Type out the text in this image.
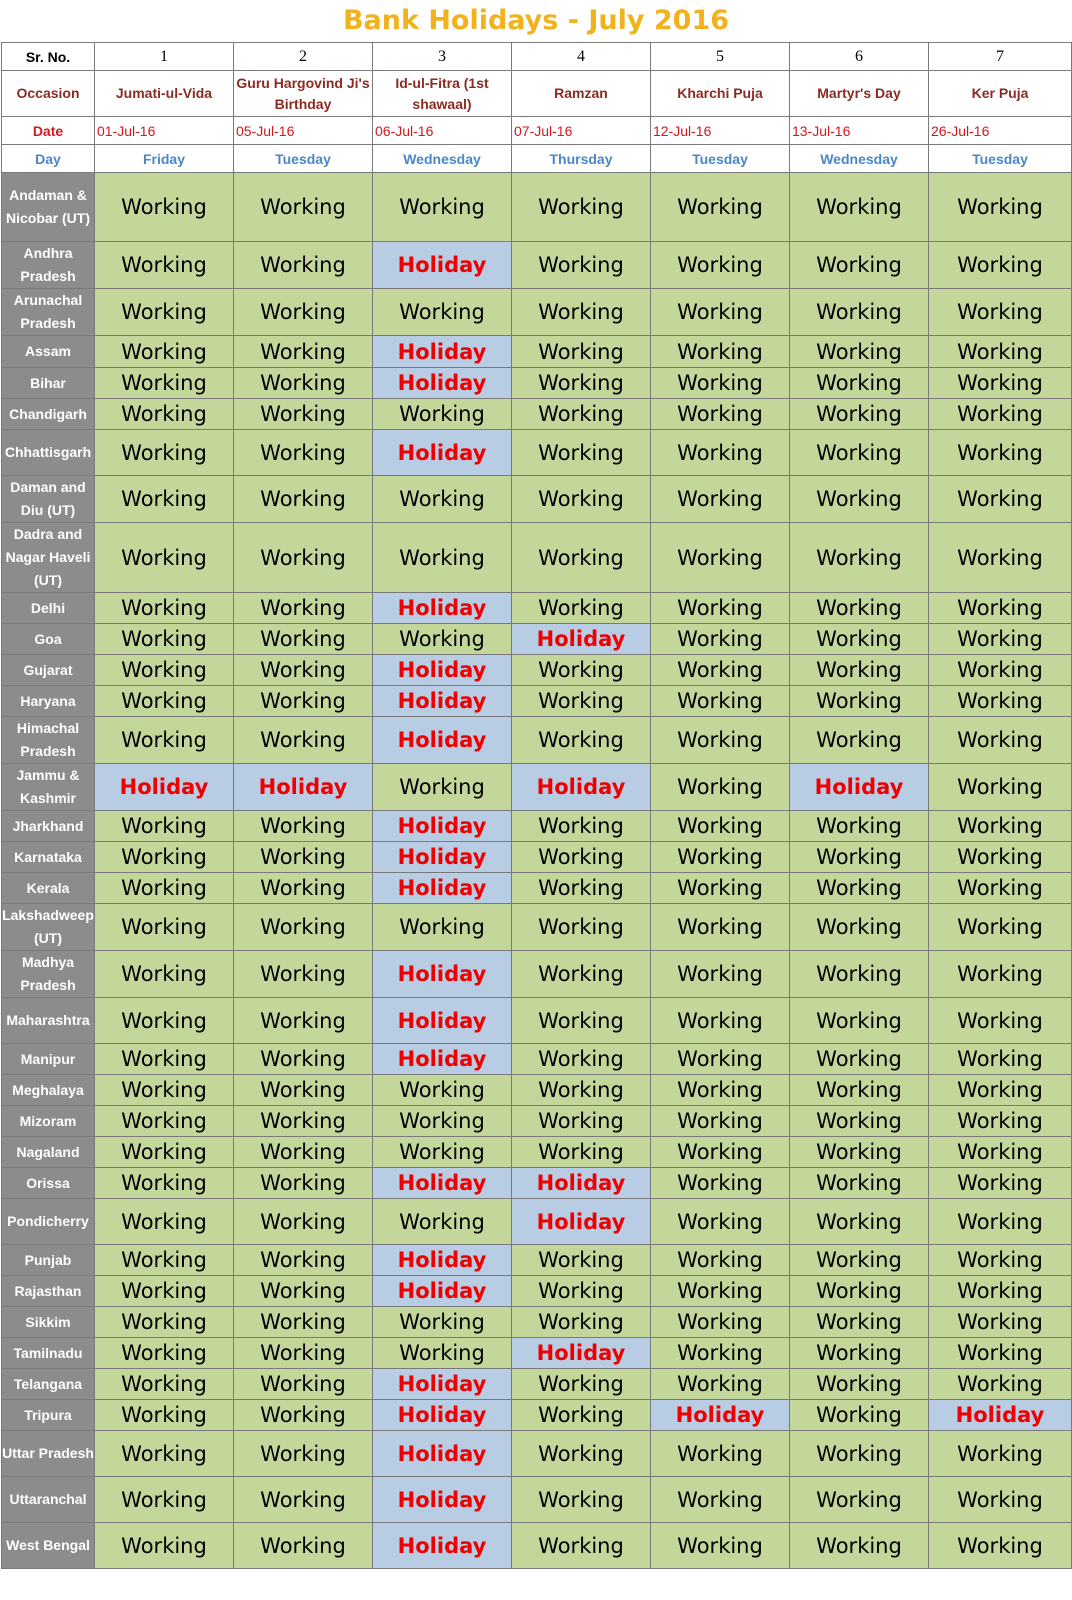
Bank Holidays - July 2016
Sr. No.	1	2	3	4	5	6	7
Occasion	Jumati-ul-Vida	Guru Hargovind Ji's Birthday	Id-ul-Fitra (1st shawaal)	Ramzan	Kharchi Puja	Martyr's Day	Ker Puja
Date	01-Jul-16	05-Jul-16	06-Jul-16	07-Jul-16	12-Jul-16	13-Jul-16	26-Jul-16
Day	Friday	Tuesday	Wednesday	Thursday	Tuesday	Wednesday	Tuesday
Andaman & Nicobar (UT)	Working	Working	Working	Working	Working	Working	Working
Andhra Pradesh	Working	Working	Holiday	Working	Working	Working	Working
Arunachal Pradesh	Working	Working	Working	Working	Working	Working	Working
Assam	Working	Working	Holiday	Working	Working	Working	Working
Bihar	Working	Working	Holiday	Working	Working	Working	Working
Chandigarh	Working	Working	Working	Working	Working	Working	Working
Chhattisgarh	Working	Working	Holiday	Working	Working	Working	Working
Daman and Diu (UT)	Working	Working	Working	Working	Working	Working	Working
Dadra and Nagar Haveli (UT)	Working	Working	Working	Working	Working	Working	Working
Delhi	Working	Working	Holiday	Working	Working	Working	Working
Goa	Working	Working	Working	Holiday	Working	Working	Working
Gujarat	Working	Working	Holiday	Working	Working	Working	Working
Haryana	Working	Working	Holiday	Working	Working	Working	Working
Himachal Pradesh	Working	Working	Holiday	Working	Working	Working	Working
Jammu & Kashmir	Holiday	Holiday	Working	Holiday	Working	Holiday	Working
Jharkhand	Working	Working	Holiday	Working	Working	Working	Working
Karnataka	Working	Working	Holiday	Working	Working	Working	Working
Kerala	Working	Working	Holiday	Working	Working	Working	Working
Lakshadweep (UT)	Working	Working	Working	Working	Working	Working	Working
Madhya Pradesh	Working	Working	Holiday	Working	Working	Working	Working
Maharashtra	Working	Working	Holiday	Working	Working	Working	Working
Manipur	Working	Working	Holiday	Working	Working	Working	Working
Meghalaya	Working	Working	Working	Working	Working	Working	Working
Mizoram	Working	Working	Working	Working	Working	Working	Working
Nagaland	Working	Working	Working	Working	Working	Working	Working
Orissa	Working	Working	Holiday	Holiday	Working	Working	Working
Pondicherry	Working	Working	Working	Holiday	Working	Working	Working
Punjab	Working	Working	Holiday	Working	Working	Working	Working
Rajasthan	Working	Working	Holiday	Working	Working	Working	Working
Sikkim	Working	Working	Working	Working	Working	Working	Working
Tamilnadu	Working	Working	Working	Holiday	Working	Working	Working
Telangana	Working	Working	Holiday	Working	Working	Working	Working
Tripura	Working	Working	Holiday	Working	Holiday	Working	Holiday
Uttar Pradesh	Working	Working	Holiday	Working	Working	Working	Working
Uttaranchal	Working	Working	Holiday	Working	Working	Working	Working
West Bengal	Working	Working	Holiday	Working	Working	Working	Working
